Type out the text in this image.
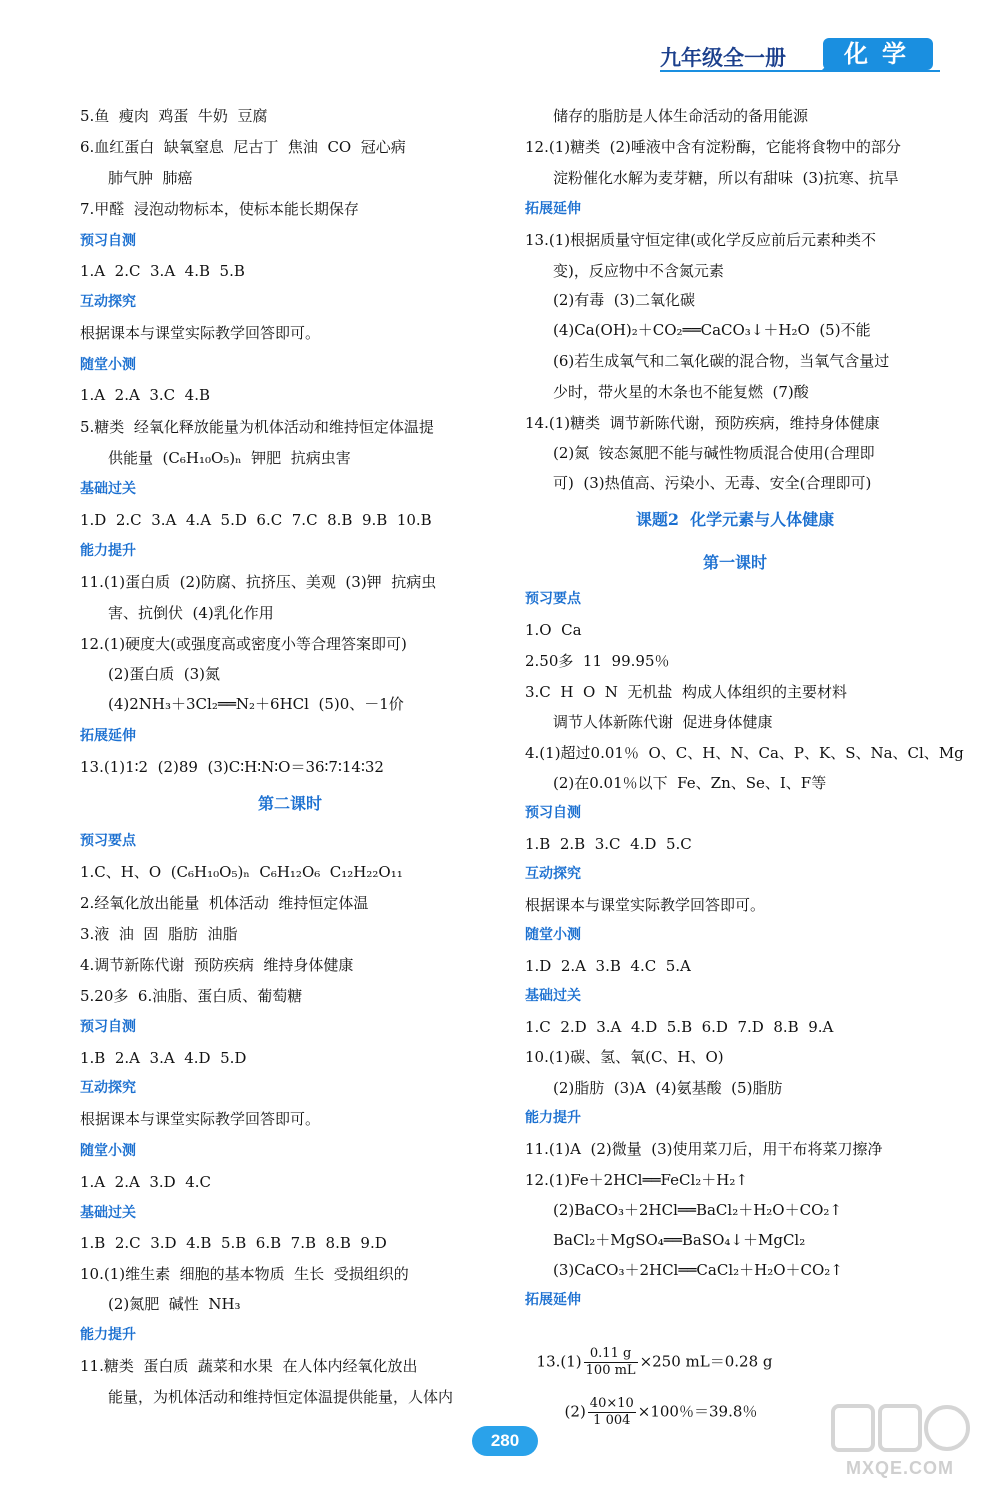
九年级全一册	化学
5.鱼  瘦肉  鸡蛋  牛奶  豆腐
6.血红蛋白  缺氧窒息  尼古丁  焦油  CO  冠心病
肺气肿  肺癌
7.甲醛  浸泡动物标本，使标本能长期保存
预习自测
1.A  2.C  3.A  4.B  5.B
互动探究
根据课本与课堂实际教学回答即可。
随堂小测
1.A  2.A  3.C  4.B
5.糖类  经氧化释放能量为机体活动和维持恒定体温提
供能量  (C₆H₁₀O₅)ₙ  钾肥  抗病虫害
基础过关
1.D  2.C  3.A  4.A  5.D  6.C  7.C  8.B  9.B  10.B
能力提升
11.(1)蛋白质  (2)防腐、抗挤压、美观  (3)钾  抗病虫
害、抗倒伏  (4)乳化作用
12.(1)硬度大(或强度高或密度小等合理答案即可)
(2)蛋白质  (3)氮
(4)2NH₃＋3Cl₂══N₂＋6HCl  (5)0、－1价
拓展延伸
13.(1)1∶2  (2)89  (3)C∶H∶N∶O＝36∶7∶14∶32
第二课时
预习要点
1.C、H、O  (C₆H₁₀O₅)ₙ  C₆H₁₂O₆  C₁₂H₂₂O₁₁
2.经氧化放出能量  机体活动  维持恒定体温
3.液  油  固  脂肪  油脂
4.调节新陈代谢  预防疾病  维持身体健康
5.20多  6.油脂、蛋白质、葡萄糖
预习自测
1.B  2.A  3.A  4.D  5.D
互动探究
根据课本与课堂实际教学回答即可。
随堂小测
1.A  2.A  3.D  4.C
基础过关
1.B  2.C  3.D  4.B  5.B  6.B  7.B  8.B  9.D
10.(1)维生素  细胞的基本物质  生长  受损组织的
(2)氮肥  碱性  NH₃
能力提升
11.糖类  蛋白质  蔬菜和水果  在人体内经氧化放出
能量，为机体活动和维持恒定体温提供能量，人体内
储存的脂肪是人体生命活动的备用能源
12.(1)糖类  (2)唾液中含有淀粉酶，它能将食物中的部分
淀粉催化水解为麦芽糖，所以有甜味  (3)抗寒、抗旱
拓展延伸
13.(1)根据质量守恒定律(或化学反应前后元素种类不
变)，反应物中不含氮元素
(2)有毒  (3)二氧化碳
(4)Ca(OH)₂＋CO₂══CaCO₃↓＋H₂O  (5)不能
(6)若生成氧气和二氧化碳的混合物，当氧气含量过
少时，带火星的木条也不能复燃  (7)酸
14.(1)糖类  调节新陈代谢，预防疾病，维持身体健康
(2)氮  铵态氮肥不能与碱性物质混合使用(合理即
可)  (3)热值高、污染小、无毒、安全(合理即可)
课题2  化学元素与人体健康
第一课时
预习要点
1.O  Ca
2.50多  11  99.95％
3.C  H  O  N  无机盐  构成人体组织的主要材料
调节人体新陈代谢  促进身体健康
4.(1)超过0.01％  O、C、H、N、Ca、P、K、S、Na、Cl、Mg
(2)在0.01％以下  Fe、Zn、Se、I、F等
预习自测
1.B  2.B  3.C  4.D  5.C
互动探究
根据课本与课堂实际教学回答即可。
随堂小测
1.D  2.A  3.B  4.C  5.A
基础过关
1.C  2.D  3.A  4.D  5.B  6.D  7.D  8.B  9.A
10.(1)碳、氢、氧(C、H、O)
(2)脂肪  (3)A  (4)氨基酸  (5)脂肪
能力提升
11.(1)A  (2)微量  (3)使用菜刀后，用干布将菜刀擦净
12.(1)Fe＋2HCl══FeCl₂＋H₂↑
(2)BaCO₃＋2HCl══BaCl₂＋H₂O＋CO₂↑
BaCl₂＋MgSO₄══BaSO₄↓＋MgCl₂
(3)CaCO₃＋2HCl══CaCl₂＋H₂O＋CO₂↑
拓展延伸

$13.(1) \frac{0.11 g}{100 mL} \times 250$ mL＝0.28 g

$(2) \frac{40\times 10}{1 004} \times 100$％＝39.8％

280
MXQE.COM
